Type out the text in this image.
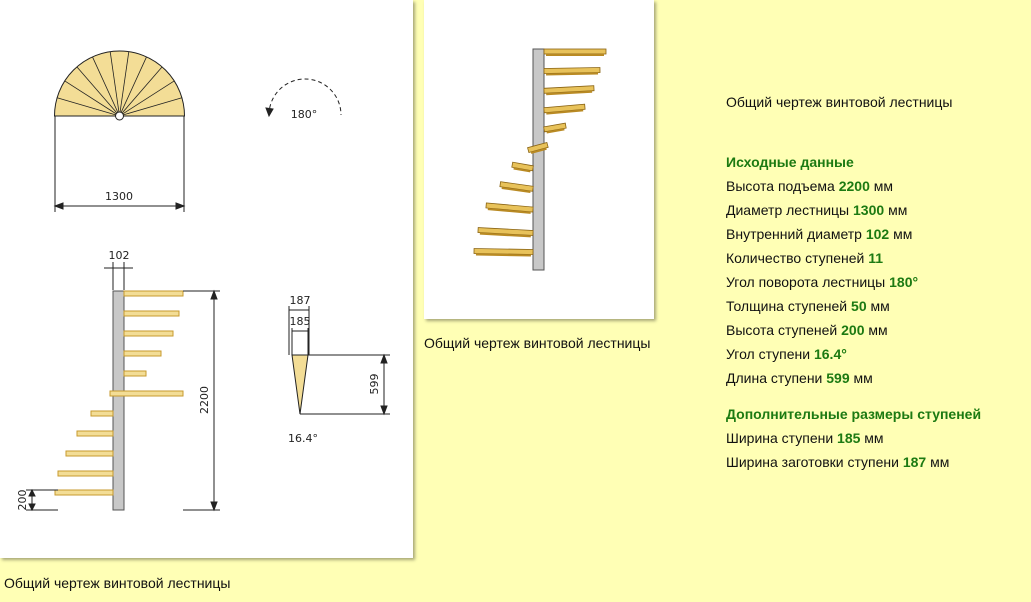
1300
180°
102
2200
200
187
185
599
16.4°
Общий чертеж винтовой лестницы
Общий чертеж винтовой лестницы
Общий чертеж винтовой лестницы
Исходные данные
Высота подъема 2200 мм
Диаметр лестницы 1300 мм
Внутренний диаметр 102 мм
Количество ступеней 11
Угол поворота лестницы 180°
Толщина ступеней 50 мм
Высота ступеней 200 мм
Угол ступени 16.4°
Длина ступени 599 мм
Дополнительные размеры ступеней
Ширина ступени 185 мм
Ширина заготовки ступени 187 мм
